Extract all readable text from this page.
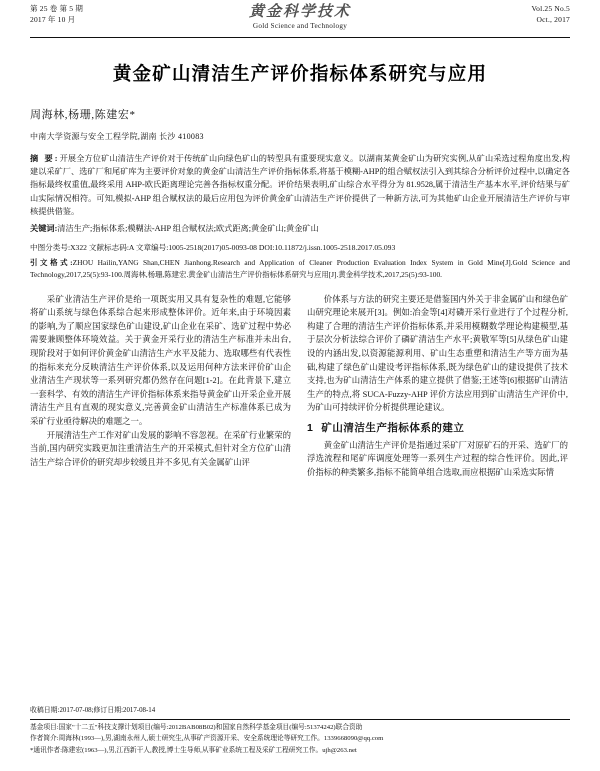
第 25 卷 第 5 期
2017 年 10 月	黄金科学技术
Gold Science and Technology
Vol.25 No.5
Oct., 2017
黄金矿山清洁生产评价指标体系研究与应用
周海林,杨珊,陈建宏*
中南大学资源与安全工程学院,湖南 长沙 410083
摘 要:开展全方位矿山清洁生产评价对于传统矿山向绿色矿山的转型具有重要现实意义。以湖南某黄金矿山为研究实例,从矿山采选过程角度出发,构建以采矿厂、选矿厂和尾矿库为主要评价对象的黄金矿山清洁生产评价指标体系,将基于模糊-AHP的组合赋权法引入到其综合分析评价过程中,以确定各指标最终权重值,最终采用 AHP-欧氏距离理论完善各指标权重分配。评价结果表明,矿山综合水平得分为 81.9528,属于清洁生产基本水平,评价结果与矿山实际情况相符。可知,模拟-AHP 组合赋权法的最后应用包为评价黄金矿山清洁生产评价提供了一种新方法,可为其他矿山企业开展清洁生产评价与审核提供借鉴。
关键词:清洁生产;指标体系;模糊法-AHP 组合赋权法;欧式距离;黄金矿山;黄金矿山
中图分类号:X322 文献标志码:A 文章编号:1005-2518(2017)05-0093-08 DOI:10.11872/j.issn.1005-2518.2017.05.093
引文格式:ZHOU Hailin,YANG Shan,CHEN Jianhong.Research and Application of Cleaner Production Evaluation Index System in Gold Mine[J].Gold Science and Technology,2017,25(5):93-100.周海林,杨珊,陈建宏.黄金矿山清洁生产评价指标体系研究与应用[J].黄金科学技术,2017,25(5):93-100.

采矿业清洁生产评价是绐一项既实用又具有复杂性的难题,它能够将矿山系统与绿色体系综合起来形成整体评价。近年来,由于环境因素的影响,为了顺应国家绿色矿山建设,矿山企业在采矿、选矿过程中势必需要兼顾整体环境效益。关于黄金开采行业的清洁生产标准并未出台,现阶段对于如何评价黄金矿山清洁生产水平及能力、选取哪些有代表性的指标来充分反映清洁生产评价体系,以及运用何种方法来评价矿山企业清洁生产现状等一系列研究都仍然存在问题[1-2]。在此背景下,建立一套科学、有效的清洁生产评价指标体系来指导黄金矿山开采企业开展清洁生产且有直观的现实意义,完善黄金矿山清洁生产标准体系已成为采矿行业亟待解决的难题之一。

开展清洁生产工作对矿山发展的影响不容忽视。在采矿行业繁荣的当前,国内研究实践更加注重清洁生产的开采模式,但针对全方位矿山清洁生产综合评价的研究却步较缓且并不多见,有关金属矿山评

价体系与方法的研究主要还是借鉴国内外关于非金属矿山和绿色矿山研究理论来展开[3]。例如:冶金等[4]对磷开采行业进行了个过程分析,构建了合理的清洁生产评价指标体系,并采用模糊数学理论构建模型,基于层次分析法综合评价了磷矿清洁生产水平;黄敬军等[5]从绿色矿山建设的内涵出发,以资源能源利用、矿山生态重塑和清洁生产等方面为基础,构建了绿色矿山建设考评指标体系,既为绿色矿山的建设提供了技术支持,也为矿山清洁生产体系的建立提供了借鉴;王述等[6]根据矿山清洁生产的特点,将 SUCA-Fuzzy-AHP 评价方法应用到矿山清洁生产评价中,为矿山可持续评价分析提供理论建议。

1 矿山清洁生产指标体系的建立

黄金矿山清洁生产评价是指通过采矿厂对原矿石的开采、选矿厂的浮选流程和尾矿库调度处理等一系列生产过程的综合性评价。因此,评价指标的种类繁多,指标不能简单组合选取,而应根据矿山采选实际情

收稿日期:2017-07-08;修订日期:2017-08-14

基金项目:国家"十二五"科技支撑计划项目(编号:2012BAB08B02)和国家自然科学基金项目(编号:51374242)联合资助

作者简介:周海林(1993—),男,湖南永州人,硕士研究生,从事矿产资源开采、安全系统理论等研究工作。1339668090@qq.com

*通讯作者:陈建宏(1963—),男,江西新干人,教授,博士生导师,从事矿业系统工程及采矿工程研究工作。ujh@263.net
